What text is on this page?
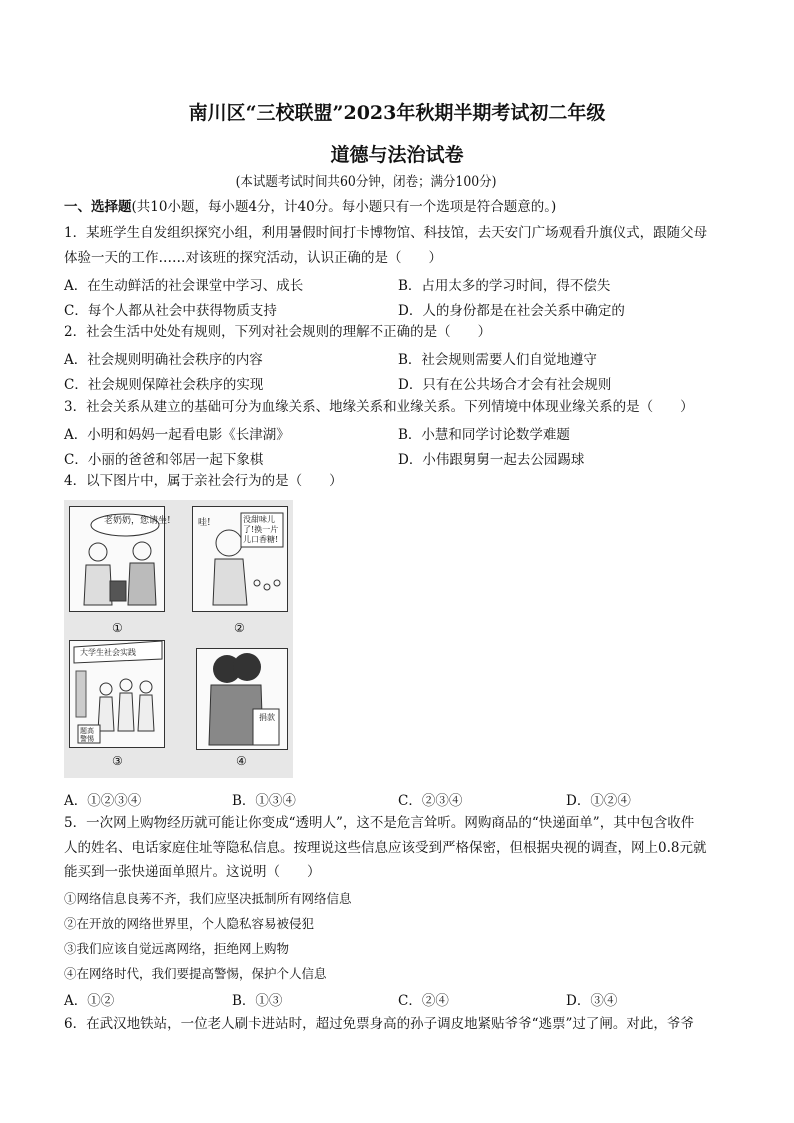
南川区“三校联盟”2023年秋期半期考试初二年级
道德与法治试卷
(本试题考试时间共60分钟，闭卷；满分100分)
一、选择题(共10小题，每小题4分，计40分。每小题只有一个选项是符合题意的。)
1．某班学生自发组织探究小组，利用暑假时间打卡博物馆、科技馆，去天安门广场观看升旗仪式，跟随父母
体验一天的工作……对该班的探究活动，认识正确的是（　　）
A．在生动鲜活的社会课堂中学习、成长	B．占用太多的学习时间，得不偿失
C．每个人都从社会中获得物质支持	D．人的身份都是在社会关系中确定的
2．社会生活中处处有规则，下列对社会规则的理解不正确的是（　　）
A．社会规则明确社会秩序的内容	B．社会规则需要人们自觉地遵守
C．社会规则保障社会秩序的实现	D．只有在公共场合才会有社会规则
3．社会关系从建立的基础可分为血缘关系、地缘关系和业缘关系。下列情境中体现业缘关系的是（　　）
A．小明和妈妈一起看电影《长津湖》	B．小慧和同学讨论数学难题
C．小丽的爸爸和邻居一起下象棋	D．小伟跟舅舅一起去公园踢球
4．以下图片中，属于亲社会行为的是（　　）
老奶奶，您请坐!	哇!	没甜味儿了!换一片儿口香糖!
大学生社会实践
题高警惕
捐款
①	②
③	④
A．①②③④	B．①③④	C．②③④	D．①②④
5．一次网上购物经历就可能让你变成“透明人”，这不是危言耸听。网购商品的“快递面单”，其中包含收件
人的姓名、电话家庭住址等隐私信息。按理说这些信息应该受到严格保密，但根据央视的调查，网上0.8元就
能买到一张快递面单照片。这说明（　　）
①网络信息良莠不齐，我们应坚决抵制所有网络信息
②在开放的网络世界里，个人隐私容易被侵犯
③我们应该自觉远离网络，拒绝网上购物
④在网络时代，我们要提高警惕，保护个人信息
A．①②	B．①③	C．②④	D．③④
6．在武汉地铁站，一位老人刷卡进站时，超过免票身高的孙子调皮地紧贴爷爷“逃票”过了闸。对此，爷爷
